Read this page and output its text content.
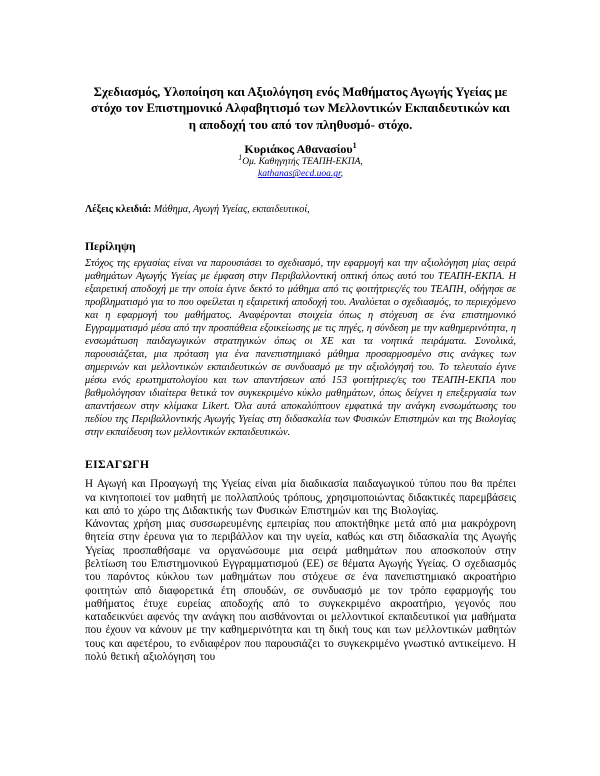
Σχεδιασμός, Υλοποίηση και Αξιολόγηση ενός Μαθήματος Αγωγής Υγείας με στόχο τον Επιστημονικό Αλφαβητισμό των Μελλοντικών Εκπαιδευτικών και η αποδοχή του από τον πληθυσμό- στόχο.
Κυριάκος Αθανασίου$^1$
$^1$Ομ. Καθηγητής ΤΕΑΠΗ-ΕΚΠΑ,
kathanas@ecd.uoa.gr,
Λέξεις κλειδιά: Μάθημα, Αγωγή Υγείας, εκπαιδευτικοί,
Περίληψη
Στόχος της εργασίας είναι να παρουσιάσει το σχεδιασμό, την εφαρμογή και την αξιολόγηση μίας σειρά μαθημάτων Αγωγής Υγείας με έμφαση στην Περιβαλλοντική οπτική όπως αυτό του ΤΕΑΠΗ-ΕΚΠΑ. Η εξαιρετική αποδοχή με την οποία έγινε δεκτό το μάθημα από τις φοιτήτριες/ές του ΤΕΑΠΗ, οδήγησε σε προβληματισμό για το που οφείλεται η εξαιρετική αποδοχή του. Αναλύεται ο σχεδιασμός, το περιεχόμενο και η εφαρμογή του μαθήματος. Αναφέρονται στοιχεία όπως η στόχευση σε ένα επιστημονικό Εγγραμματισμό μέσα από την προσπάθεια εξοικείωσης με τις πηγές, η σύνδεση με την καθημερινότητα, η ενσωμάτωση παιδαγωγικών στρατηγικών όπως οι ΧΕ και τα νοητικά πειράματα. Συνολικά, παρουσιάζεται, μια πρόταση για ένα πανεπιστημιακό μάθημα προσαρμοσμένο στις ανάγκες των σημερινών και μελλοντικών εκπαιδευτικών σε συνδυασμό με την αξιολόγησή του. Το τελευταίο έγινε μέσω ενός ερωτηματολογίου και των απαντήσεων από 153 φοιτήτριες/ες του ΤΕΑΠΗ-ΕΚΠΑ που βαθμολόγησαν ιδιαίτερα θετικά τον συγκεκριμένο κύκλο μαθημάτων, όπως δείχνει η επεξεργασία των απαντήσεων στην κλίμακα Likert. Όλα αυτά αποκαλύπτουν εμφατικά την ανάγκη ενσωμάτωσης του πεδίου της Περιβαλλοντικής Αγωγής Υγείας στη διδασκαλία των Φυσικών Επιστημών και της Βιολογίας στην εκπαίδευση των μελλοντικών εκπαιδευτικών.
ΕΙΣΑΓΩΓΗ

Η Αγωγή και Προαγωγή της Υγείας είναι μία διαδικασία παιδαγωγικού τύπου που θα πρέπει να κινητοποιεί τον μαθητή με πολλαπλούς τρόπους, χρησιμοποιώντας διδακτικές παρεμβάσεις και από το χώρο της Διδακτικής των Φυσικών Επιστημών και της Βιολογίας.

Κάνοντας χρήση μιας συσσωρευμένης εμπειρίας που αποκτήθηκε μετά από μια μακρόχρονη θητεία στην έρευνα για το περιβάλλον και την υγεία, καθώς και στη διδασκαλία της Αγωγής Υγείας προσπαθήσαμε να οργανώσουμε μια σειρά μαθημάτων που αποσκοπούν στην βελτίωση του Επιστημονικού Εγγραμματισμού (ΕΕ) σε θέματα Αγωγής Υγείας. Ο σχεδιασμός του παρόντος κύκλου των μαθημάτων που στόχευε σε ένα πανεπιστημιακό ακροατήριο φοιτητών από διαφορετικά έτη σπουδών, σε συνδυασμό με τον τρόπο εφαρμογής του μαθήματος έτυχε ευρείας αποδοχής από το συγκεκριμένο ακροατήριο, γεγονός που καταδεικνύει αφενός την ανάγκη που αισθάνονται οι μελλοντικοί εκπαιδευτικοί για μαθήματα που έχουν να κάνουν με την καθημερινότητα και τη δική τους και των μελλοντικών μαθητών τους και αφετέρου, το ενδιαφέρον που παρουσιάζει το συγκεκριμένο γνωστικό αντικείμενο. Η πολύ θετική αξιολόγηση του
